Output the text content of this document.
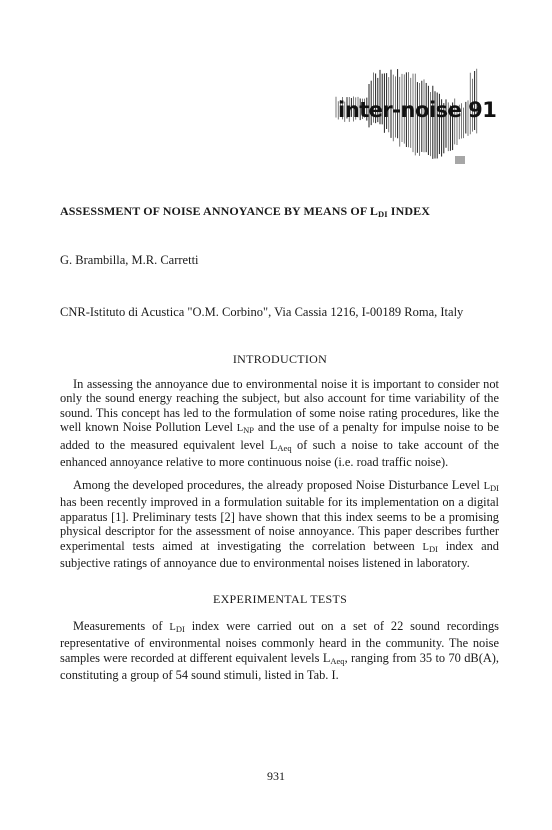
inter-noise 91
ASSESSMENT OF NOISE ANNOYANCE BY MEANS OF $L_{DI}$ INDEX
G. Brambilla, M.R. Carretti
CNR-Istituto di Acustica "O.M. Corbino", Via Cassia 1216, I-00189 Roma, Italy
INTRODUCTION

In assessing the annoyance due to environmental noise it is important to consider not only the sound energy reaching the subject, but also account for time variability of the sound. This concept has led to the formulation of some noise rating procedures, like the well known Noise Pollution Level $L_{NP}$ and the use of a penalty for impulse noise to be added to the measured equivalent level $L_{Aeq}$ of such a noise to take account of the enhanced annoyance relative to more continuous noise (i.e. road traffic noise).

Among the developed procedures, the already proposed Noise Disturbance Level $L_{DI}$ has been recently improved in a formulation suitable for its implementation on a digital apparatus [1]. Preliminary tests [2] have shown that this index seems to be a promising physical descriptor for the assessment of noise annoyance. This paper describes further experimental tests aimed at investigating the correlation between $L_{DI}$ index and subjective ratings of annoyance due to environmental noises listened in laboratory.

EXPERIMENTAL TESTS

Measurements of $L_{DI}$ index were carried out on a set of 22 sound recordings representative of environmental noises commonly heard in the community. The noise samples were recorded at different equivalent levels $L_{Aeq}$, ranging from 35 to 70 dB(A), constituting a group of 54 sound stimuli, listed in Tab. I.

931
